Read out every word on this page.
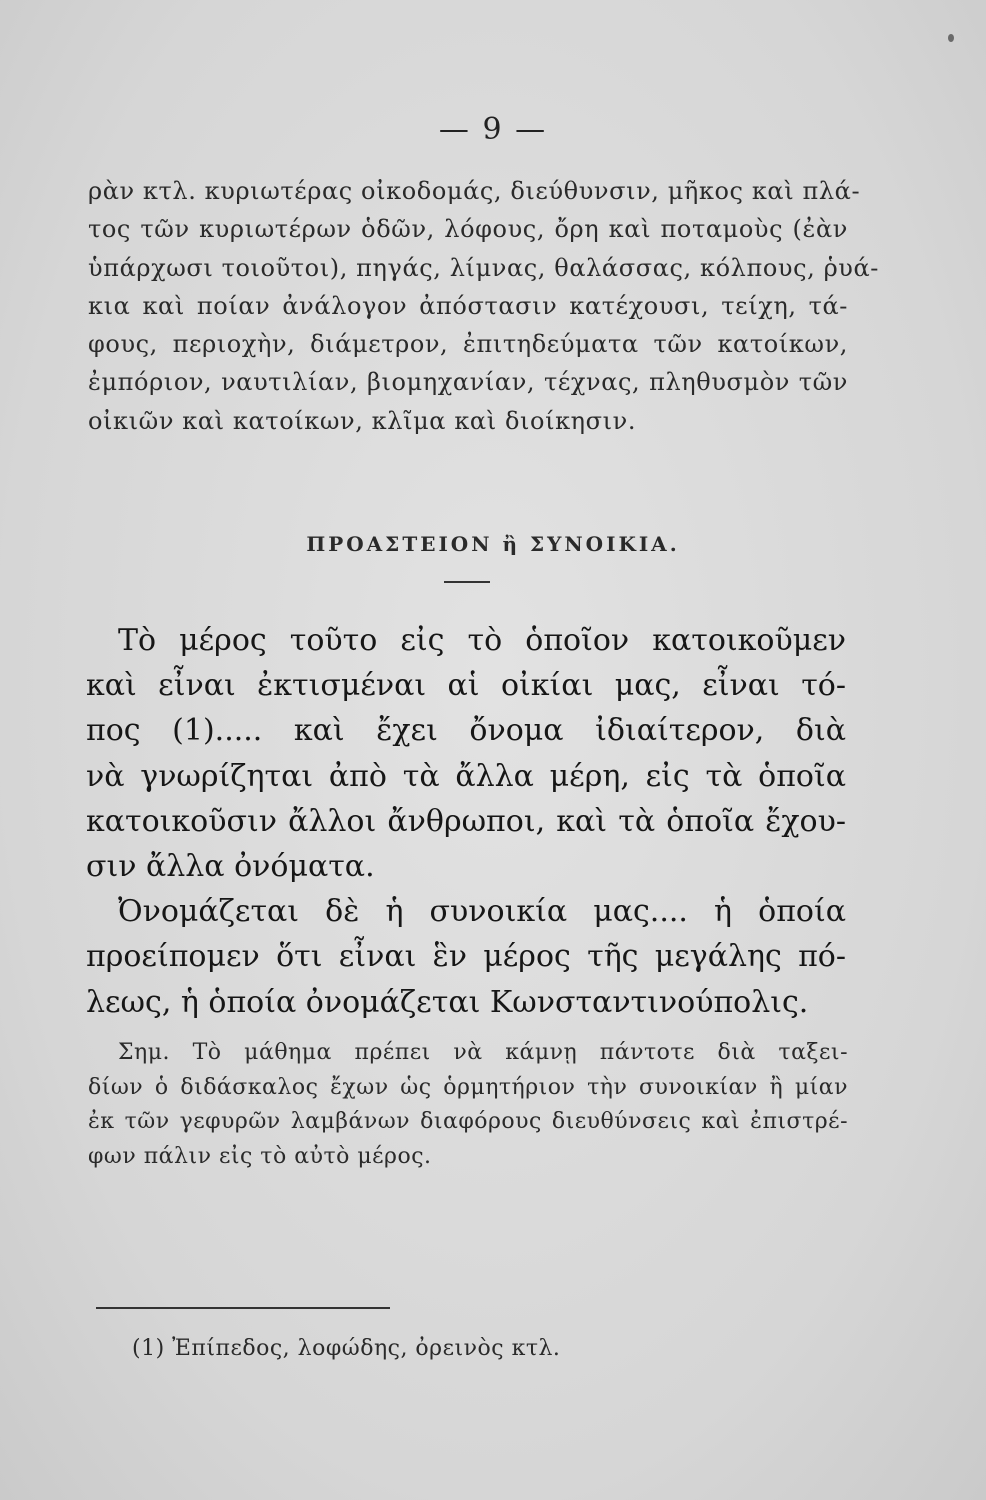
— 9 —
ρὰν κτλ. κυριωτέρας οἰκοδομάς, διεύθυνσιν, μῆκος καὶ πλά-
τος τῶν κυριωτέρων ὁδῶν, λόφους, ὄρη καὶ ποταμοὺς (ἐὰν
ὑπάρχωσι τοιοῦτοι), πηγάς, λίμνας, θαλάσσας, κόλπους, ῥυά-
κια καὶ ποίαν ἀνάλογον ἀπόστασιν κατέχουσι, τείχη, τά-
φους, περιοχὴν, διάμετρον, ἐπιτηδεύματα τῶν κατοίκων,
ἐμπόριον, ναυτιλίαν, βιομηχανίαν, τέχνας, πληθυσμὸν τῶν
οἰκιῶν καὶ κατοίκων, κλῖμα καὶ διοίκησιν.
ΠΡΟΑΣΤΕΙΟΝ ἢ ΣΥΝΟΙΚΙΑ.
Τὸ μέρος τοῦτο εἰς τὸ ὁποῖον κατοικοῦμεν
καὶ εἶναι ἐκτισμέναι αἱ οἰκίαι μας, εἶναι τό-
πος (1)..... καὶ ἔχει ὄνομα ἰδιαίτερον, διὰ
νὰ γνωρίζηται ἀπὸ τὰ ἄλλα μέρη, εἰς τὰ ὁποῖα
κατοικοῦσιν ἄλλοι ἄνθρωποι, καὶ τὰ ὁποῖα ἔχου-
σιν ἄλλα ὀνόματα.
Ὀνομάζεται δὲ ἡ συνοικία μας.... ἡ ὁποία
προείπομεν ὅτι εἶναι ἓν μέρος τῆς μεγάλης πό-
λεως, ἡ ὁποία ὀνομάζεται Κωνσταντινούπολις.
Σημ. Τὸ μάθημα πρέπει νὰ κάμνῃ πάντοτε διὰ ταξει-
δίων ὁ διδάσκαλος ἔχων ὡς ὁρμητήριον τὴν συνοικίαν ἢ μίαν
ἐκ τῶν γεφυρῶν λαμβάνων διαφόρους διευθύνσεις καὶ ἐπιστρέ-
φων πάλιν εἰς τὸ αὐτὸ μέρος.
(1) Ἐπίπεδος, λοφώδης, ὀρεινὸς κτλ.
